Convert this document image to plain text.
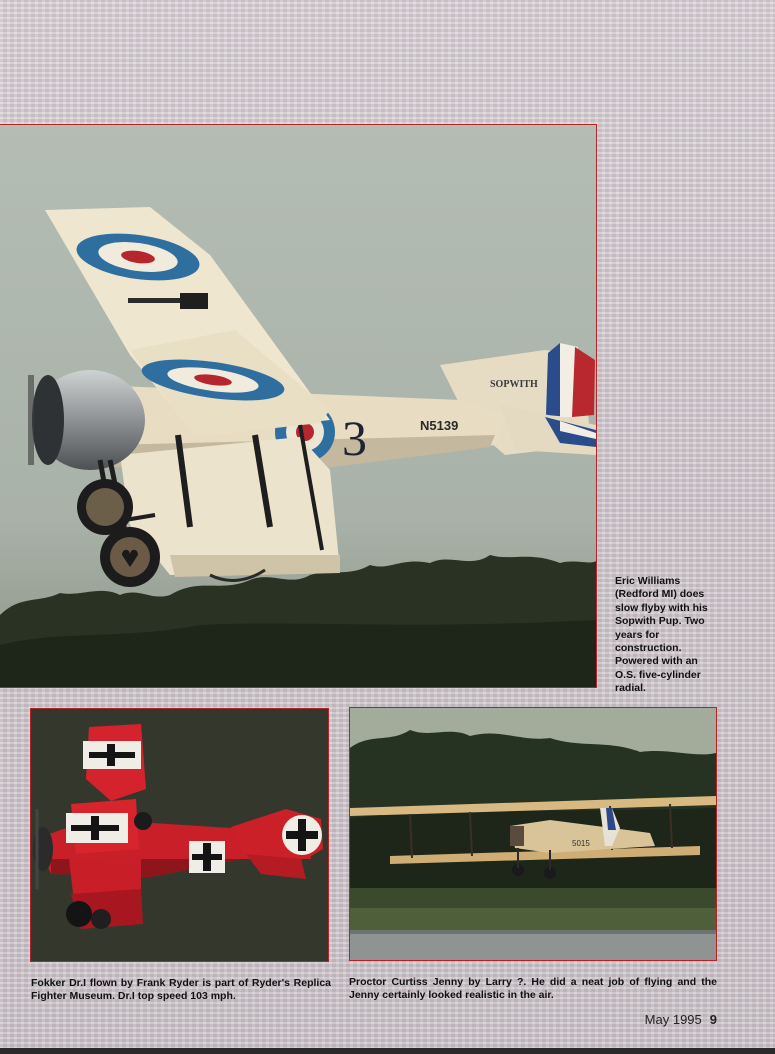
SOPWITH
3	N5139
5015
Eric Williams (Redford MI) does slow flyby with his Sopwith Pup. Two years for construction. Powered with an O.S. five-cylinder radial.
Fokker Dr.I flown by Frank Ryder is part of Ryder's Replica Fighter Museum. Dr.I top speed 103 mph.
Proctor Curtiss Jenny by Larry ?. He did a neat job of flying and the Jenny certainly looked realistic in the air.
May 1995 9
